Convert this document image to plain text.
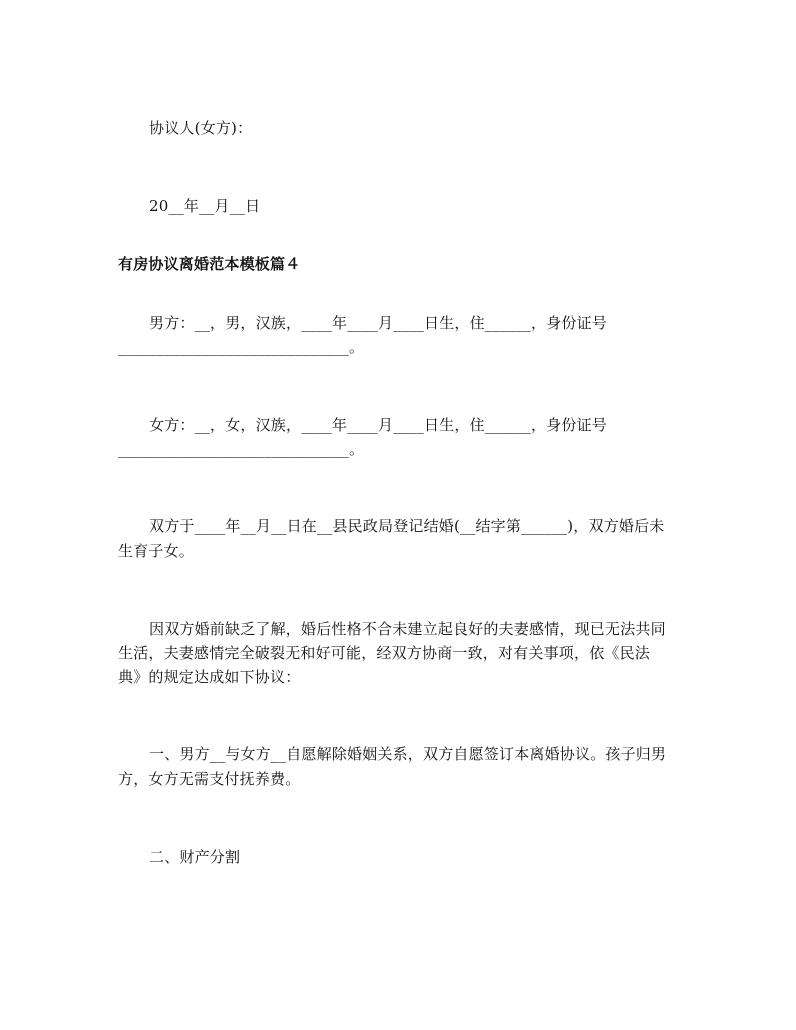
协议人(女方)：
20__年__月__日
有房协议离婚范本模板篇４
男方：__，男，汉族，____年____月____日生，住______，身份证号
______________________________。
女方：__，女，汉族，____年____月____日生，住______，身份证号
______________________________。
双方于____年__月__日在__县民政局登记结婚(__结字第______)，双方婚后未
生育子女。
因双方婚前缺乏了解，婚后性格不合未建立起良好的夫妻感情，现已无法共同
生活，夫妻感情完全破裂无和好可能，经双方协商一致，对有关事项，依《民法
典》的规定达成如下协议：
一、男方__与女方__自愿解除婚姻关系，双方自愿签订本离婚协议。孩子归男
方，女方无需支付抚养费。
二、财产分割
